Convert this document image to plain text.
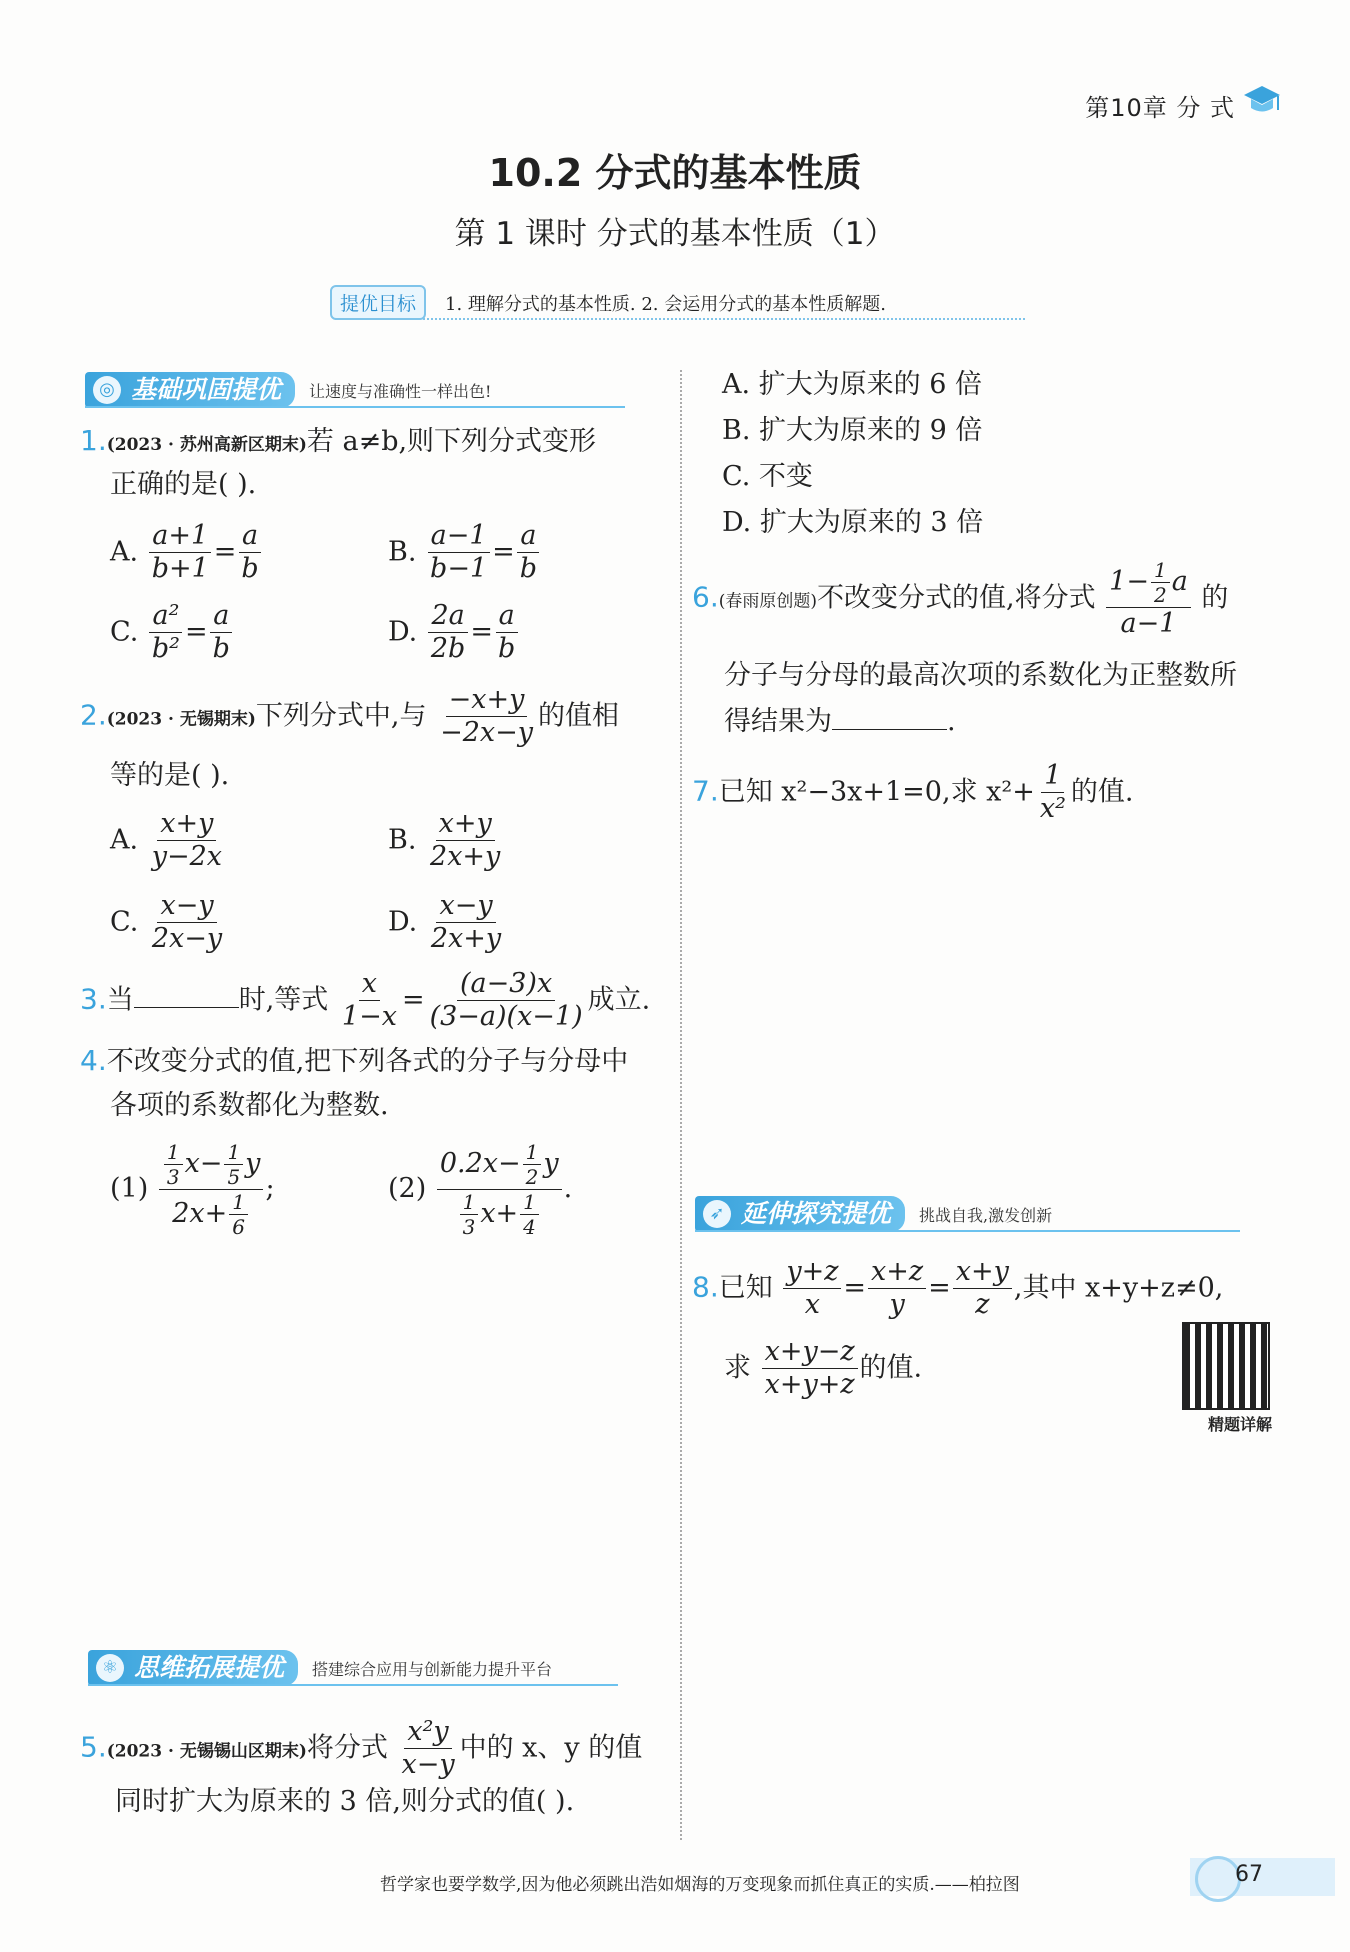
第10章 分 式
10.2 分式的基本性质
第 1 课时 分式的基本性质（1）
提优目标	1. 理解分式的基本性质. 2. 会运用分式的基本性质解题.
◎ 基础巩固提优	让速度与准确性一样出色!
1.(2023 · 苏州高新区期末)若 a≠b,则下列分式变形
正确的是( ).
A. $\frac{a+1}{b+1} = \frac{a}{b}$	B. $\frac{a-1}{b-1} = \frac{a}{b}$
C. $\frac{\text{a²}}{\text{b²}} = \frac{a}{b}$	D. $\frac{2a}{2b} = \frac{a}{b}$
2.(2023 · 无锡期末)下列分式中,与 $\frac{-x+y}{-2x-y}$ 的值相
等的是( ).
A. $\frac{x+y}{y-2x}$	B. $\frac{x+y}{2x+y}$
C. $\frac{x-y}{2x-y}$	D. $\frac{x-y}{2x+y}$
3.当	时,等式 $\frac{x}{1-x} = \frac{(a-3)x}{(3-a)(x-1)}$ 成立.
4.不改变分式的值,把下列各式的分子与分母中
各项的系数都化为整数.
$(1) \frac{\frac{1}{3} x- \frac{1}{5} y}{2x+ \frac{1}{6}}$ ;	$(2) \frac{0.2x- \frac{1}{2} y}{\frac{1}{3} x+ \frac{1}{4}}$ .
⚛ 思维拓展提优	搭建综合应用与创新能力提升平台
5.(2023 · 无锡锡山区期末)将分式 $\frac{\text{x²y}}{x-y}$ 中的 x、y 的值
同时扩大为原来的 3 倍,则分式的值( ).
A. 扩大为原来的 6 倍
B. 扩大为原来的 9 倍
C. 不变
D. 扩大为原来的 3 倍
6.(春雨原创题)不改变分式的值,将分式 $\frac{1- \frac{1}{2} a}{a-1}$ 的
分子与分母的最高次项的系数化为正整数所
得结果为	.
7.已知 x²−3x+1=0,求 $x^2+ \frac{1}{\text{x²}}$ 的值.
➶ 延伸探究提优	挑战自我,激发创新
8.已知 $\frac{y+z}{x} = \frac{x+z}{y} = \frac{x+y}{z}$ ,其中 x+y+z≠0,
求 $\frac{x+y-z}{x+y+z}$ 的值.
精题详解
哲学家也要学数学,因为他必须跳出浩如烟海的万变现象而抓住真正的实质.——柏拉图	67
